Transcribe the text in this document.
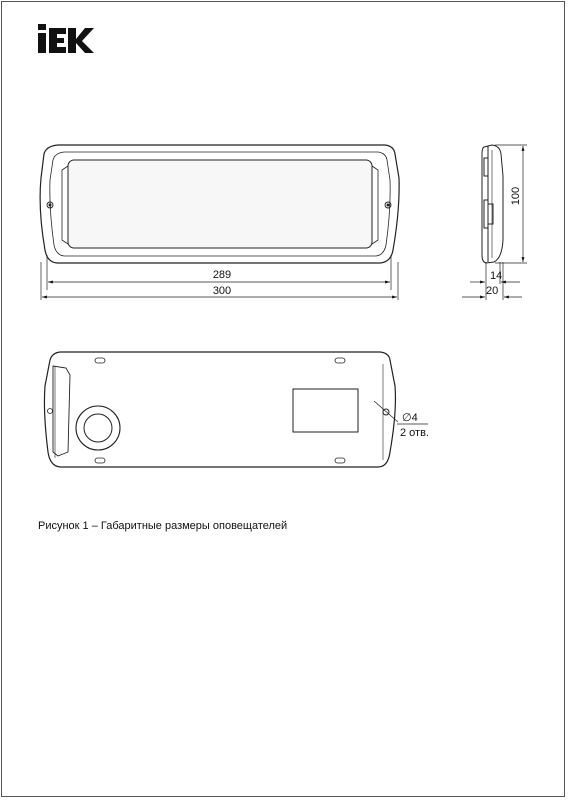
289
300
100
14
20
∅4
2 отв.
Рисунок 1 – Габаритные размеры оповещателей
